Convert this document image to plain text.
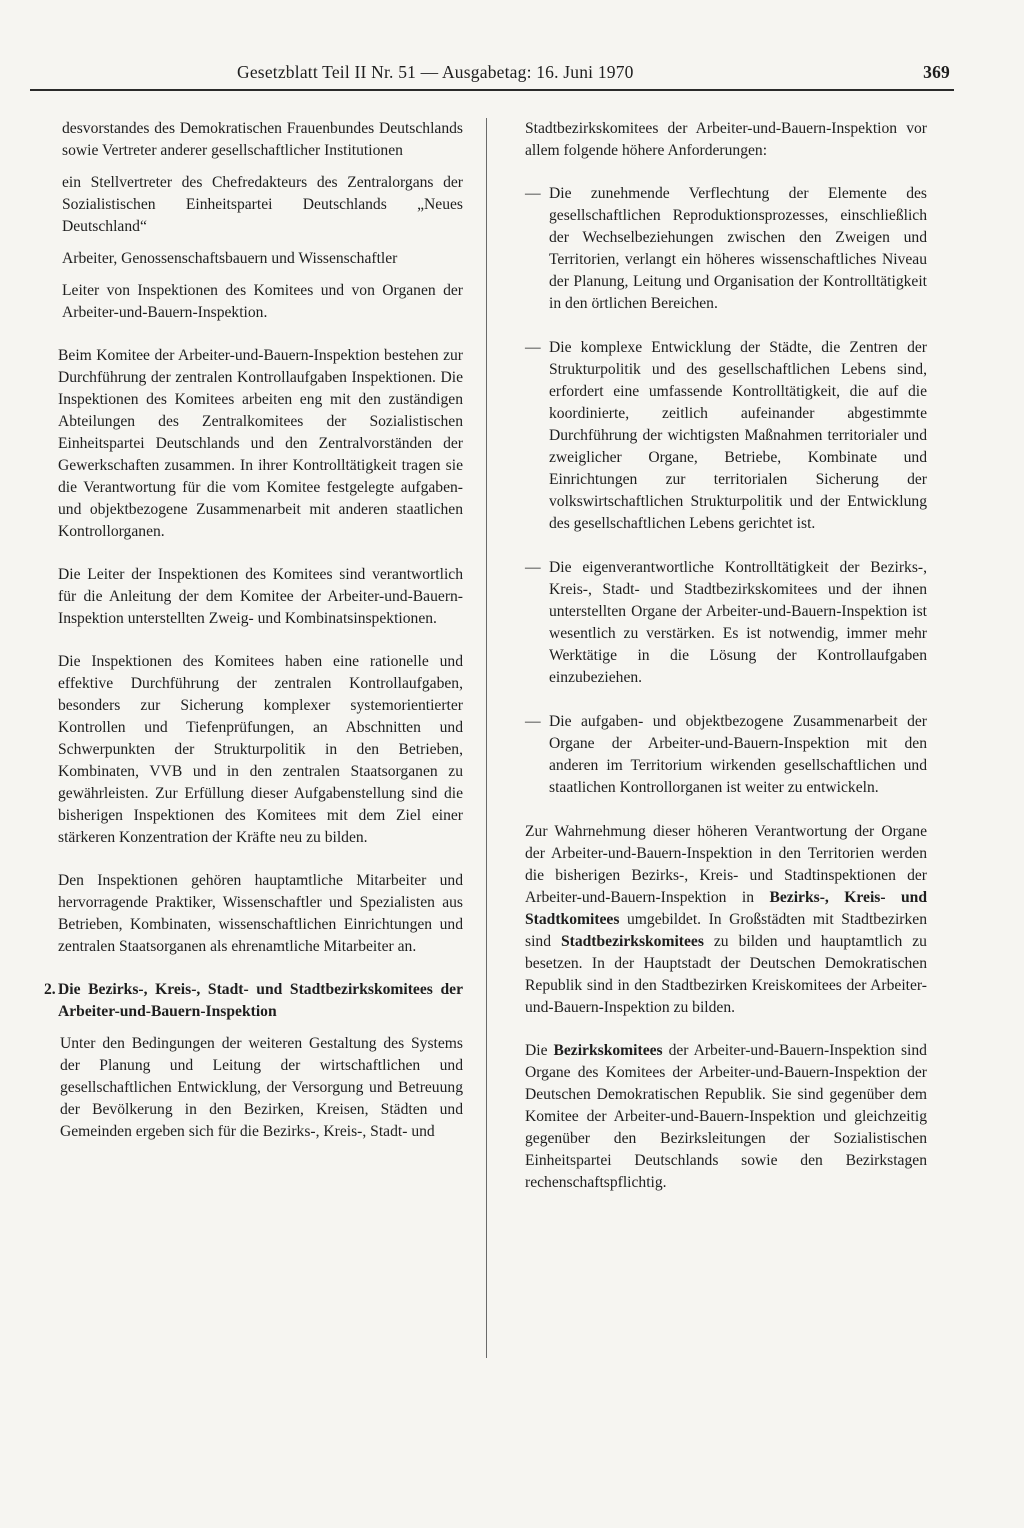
Gesetzblatt Teil II Nr. 51 — Ausgabetag: 16. Juni 1970	369

desvorstandes des Demokratischen Frauenbundes Deutschlands sowie Vertreter anderer gesellschaftlicher Institutionen

ein Stellvertreter des Chefredakteurs des Zentralorgans der Sozialistischen Einheitspartei Deutschlands „Neues Deutschland“

Arbeiter, Genossenschaftsbauern und Wissenschaftler

Leiter von Inspektionen des Komitees und von Organen der Arbeiter-und-Bauern-Inspektion.

Beim Komitee der Arbeiter-und-Bauern-Inspektion bestehen zur Durchführung der zentralen Kontrollaufgaben Inspektionen. Die Inspektionen des Komitees arbeiten eng mit den zuständigen Abteilungen des Zentralkomitees der Sozialistischen Einheitspartei Deutschlands und den Zentralvorständen der Gewerkschaften zusammen. In ihrer Kontrolltätigkeit tragen sie die Verantwortung für die vom Komitee festgelegte aufgaben- und objektbezogene Zusammenarbeit mit anderen staatlichen Kontrollorganen.

Die Leiter der Inspektionen des Komitees sind verantwortlich für die Anleitung der dem Komitee der Arbeiter-und-Bauern-Inspektion unterstellten Zweig- und Kombinatsinspektionen.

Die Inspektionen des Komitees haben eine rationelle und effektive Durchführung der zentralen Kontrollaufgaben, besonders zur Sicherung komplexer systemorientierter Kontrollen und Tiefenprüfungen, an Abschnitten und Schwerpunkten der Strukturpolitik in den Betrieben, Kombinaten, VVB und in den zentralen Staatsorganen zu gewährleisten. Zur Erfüllung dieser Aufgabenstellung sind die bisherigen Inspektionen des Komitees mit dem Ziel einer stärkeren Konzentration der Kräfte neu zu bilden.

Den Inspektionen gehören hauptamtliche Mitarbeiter und hervorragende Praktiker, Wissenschaftler und Spezialisten aus Betrieben, Kombinaten, wissenschaftlichen Einrichtungen und zentralen Staatsorganen als ehrenamtliche Mitarbeiter an.

2. Die Bezirks-, Kreis-, Stadt- und Stadtbezirkskomitees der Arbeiter-und-Bauern-Inspektion

Unter den Bedingungen der weiteren Gestaltung des Systems der Planung und Leitung der wirtschaftlichen und gesellschaftlichen Entwicklung, der Versorgung und Betreuung der Bevölkerung in den Bezirken, Kreisen, Städten und Gemeinden ergeben sich für die Bezirks-, Kreis-, Stadt- und

Stadtbezirkskomitees der Arbeiter-und-Bauern-Inspektion vor allem folgende höhere Anforderungen:

— Die zunehmende Verflechtung der Elemente des gesellschaftlichen Reproduktionsprozesses, einschließlich der Wechselbeziehungen zwischen den Zweigen und Territorien, verlangt ein höheres wissenschaftliches Niveau der Planung, Leitung und Organisation der Kontrolltätigkeit in den örtlichen Bereichen.
— Die komplexe Entwicklung der Städte, die Zentren der Strukturpolitik und des gesellschaftlichen Lebens sind, erfordert eine umfassende Kontrolltätigkeit, die auf die koordinierte, zeitlich aufeinander abgestimmte Durchführung der wichtigsten Maßnahmen territorialer und zweiglicher Organe, Betriebe, Kombinate und Einrichtungen zur territorialen Sicherung der volkswirtschaftlichen Strukturpolitik und der Entwicklung des gesellschaftlichen Lebens gerichtet ist.
— Die eigenverantwortliche Kontrolltätigkeit der Bezirks-, Kreis-, Stadt- und Stadtbezirkskomitees und der ihnen unterstellten Organe der Arbeiter-und-Bauern-Inspektion ist wesentlich zu verstärken. Es ist notwendig, immer mehr Werktätige in die Lösung der Kontrollaufgaben einzubeziehen.
— Die aufgaben- und objektbezogene Zusammenarbeit der Organe der Arbeiter-und-Bauern-Inspektion mit den anderen im Territorium wirkenden gesellschaftlichen und staatlichen Kontrollorganen ist weiter zu entwickeln.

Zur Wahrnehmung dieser höheren Verantwortung der Organe der Arbeiter-und-Bauern-Inspektion in den Territorien werden die bisherigen Bezirks-, Kreis- und Stadtinspektionen der Arbeiter-und-Bauern-Inspektion in Bezirks-, Kreis- und Stadtkomitees umgebildet. In Großstädten mit Stadtbezirken sind Stadtbezirkskomitees zu bilden und hauptamtlich zu besetzen. In der Hauptstadt der Deutschen Demokratischen Republik sind in den Stadtbezirken Kreiskomitees der Arbeiter-und-Bauern-Inspektion zu bilden.

Die Bezirkskomitees der Arbeiter-und-Bauern-Inspektion sind Organe des Komitees der Arbeiter-und-Bauern-Inspektion der Deutschen Demokratischen Republik. Sie sind gegenüber dem Komitee der Arbeiter-und-Bauern-Inspektion und gleichzeitig gegenüber den Bezirksleitungen der Sozialistischen Einheitspartei Deutschlands sowie den Bezirkstagen rechenschaftspflichtig.
